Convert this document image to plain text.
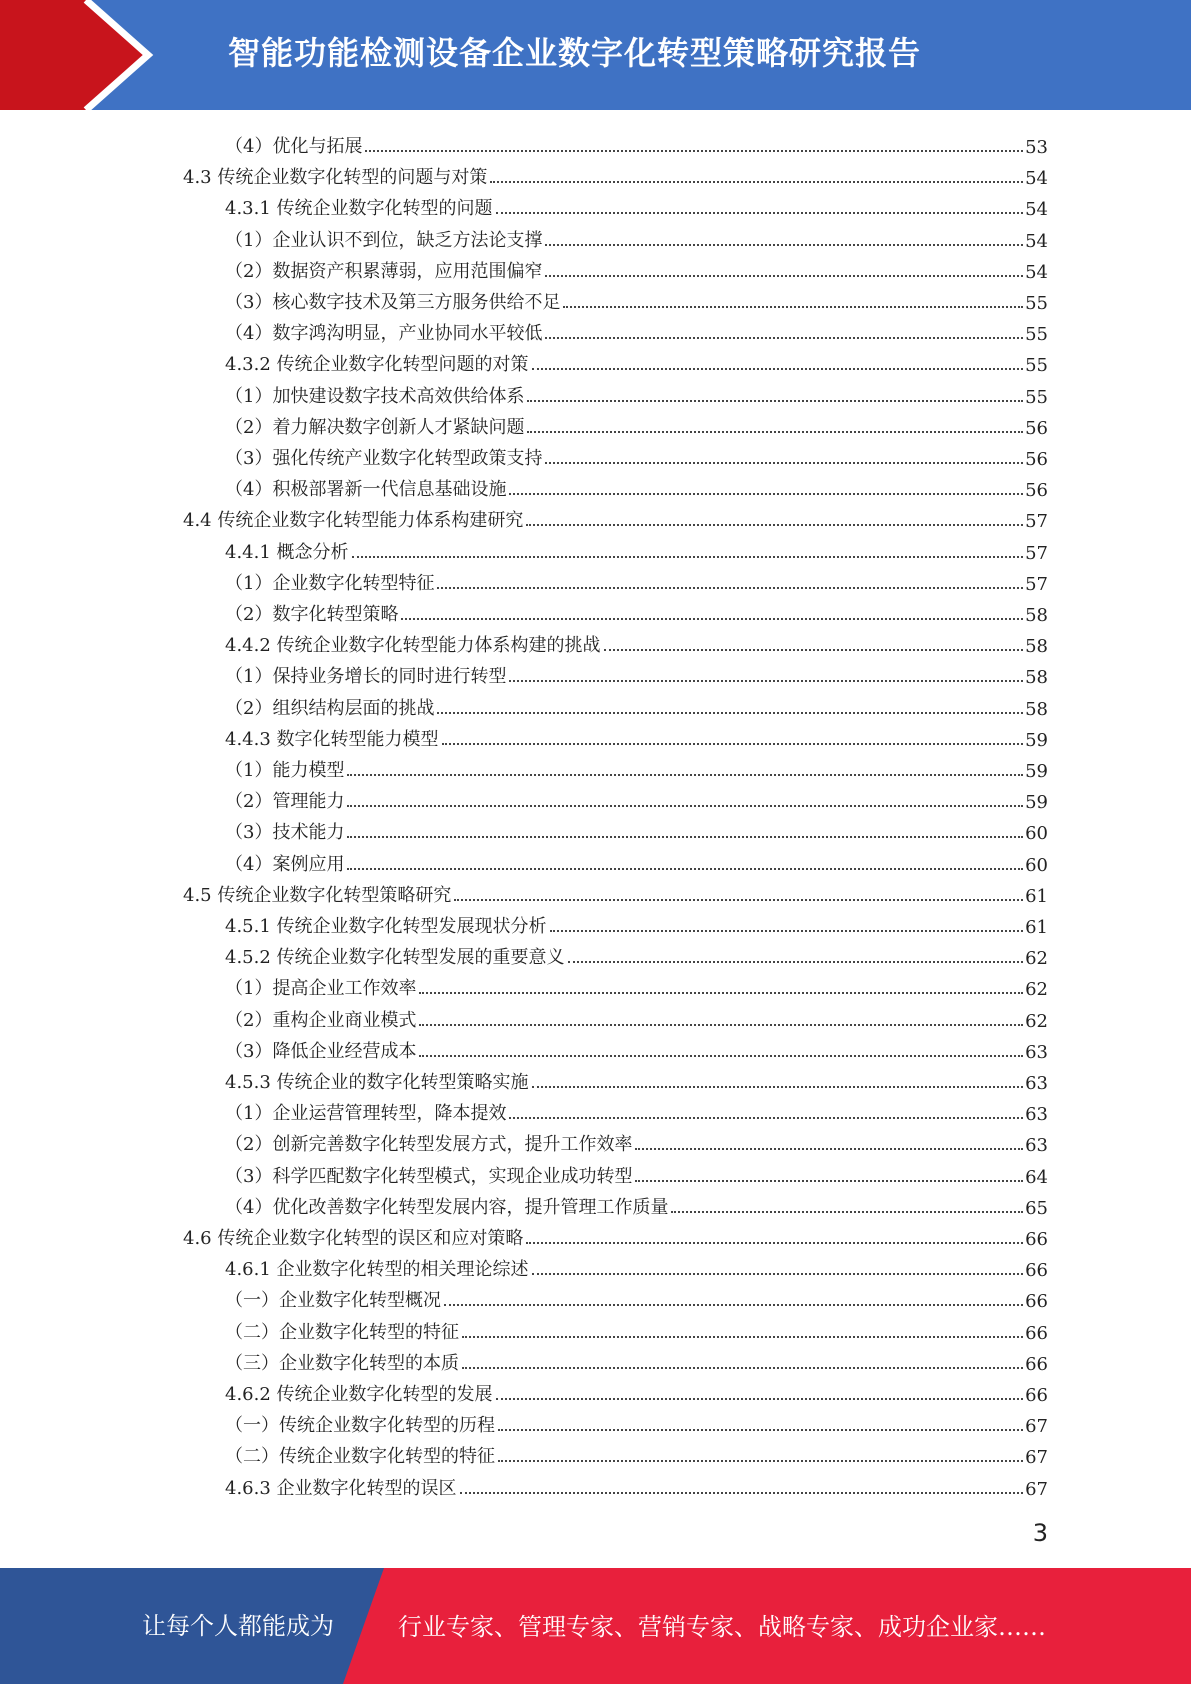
智能功能检测设备企业数字化转型策略研究报告
（4）优化与拓展	53
4.3 传统企业数字化转型的问题与对策	54
4.3.1 传统企业数字化转型的问题	54
（1）企业认识不到位，缺乏方法论支撑	54
（2）数据资产积累薄弱，应用范围偏窄	54
（3）核心数字技术及第三方服务供给不足	55
（4）数字鸿沟明显，产业协同水平较低	55
4.3.2 传统企业数字化转型问题的对策	55
（1）加快建设数字技术高效供给体系	55
（2）着力解决数字创新人才紧缺问题	56
（3）强化传统产业数字化转型政策支持	56
（4）积极部署新一代信息基础设施	56
4.4 传统企业数字化转型能力体系构建研究	57
4.4.1 概念分析	57
（1）企业数字化转型特征	57
（2）数字化转型策略	58
4.4.2 传统企业数字化转型能力体系构建的挑战	58
（1）保持业务增长的同时进行转型	58
（2）组织结构层面的挑战	58
4.4.3 数字化转型能力模型	59
（1）能力模型	59
（2）管理能力	59
（3）技术能力	60
（4）案例应用	60
4.5 传统企业数字化转型策略研究	61
4.5.1 传统企业数字化转型发展现状分析	61
4.5.2 传统企业数字化转型发展的重要意义	62
（1）提高企业工作效率	62
（2）重构企业商业模式	62
（3）降低企业经营成本	63
4.5.3 传统企业的数字化转型策略实施	63
（1）企业运营管理转型，降本提效	63
（2）创新完善数字化转型发展方式，提升工作效率	63
（3）科学匹配数字化转型模式，实现企业成功转型	64
（4）优化改善数字化转型发展内容，提升管理工作质量	65
4.6 传统企业数字化转型的误区和应对策略	66
4.6.1 企业数字化转型的相关理论综述	66
（一）企业数字化转型概况	66
（二）企业数字化转型的特征	66
（三）企业数字化转型的本质	66
4.6.2 传统企业数字化转型的发展	66
（一）传统企业数字化转型的历程	67
（二）传统企业数字化转型的特征	67
4.6.3 企业数字化转型的误区	67
3
让每个人都能成为	行业专家、管理专家、营销专家、战略专家、成功企业家……
